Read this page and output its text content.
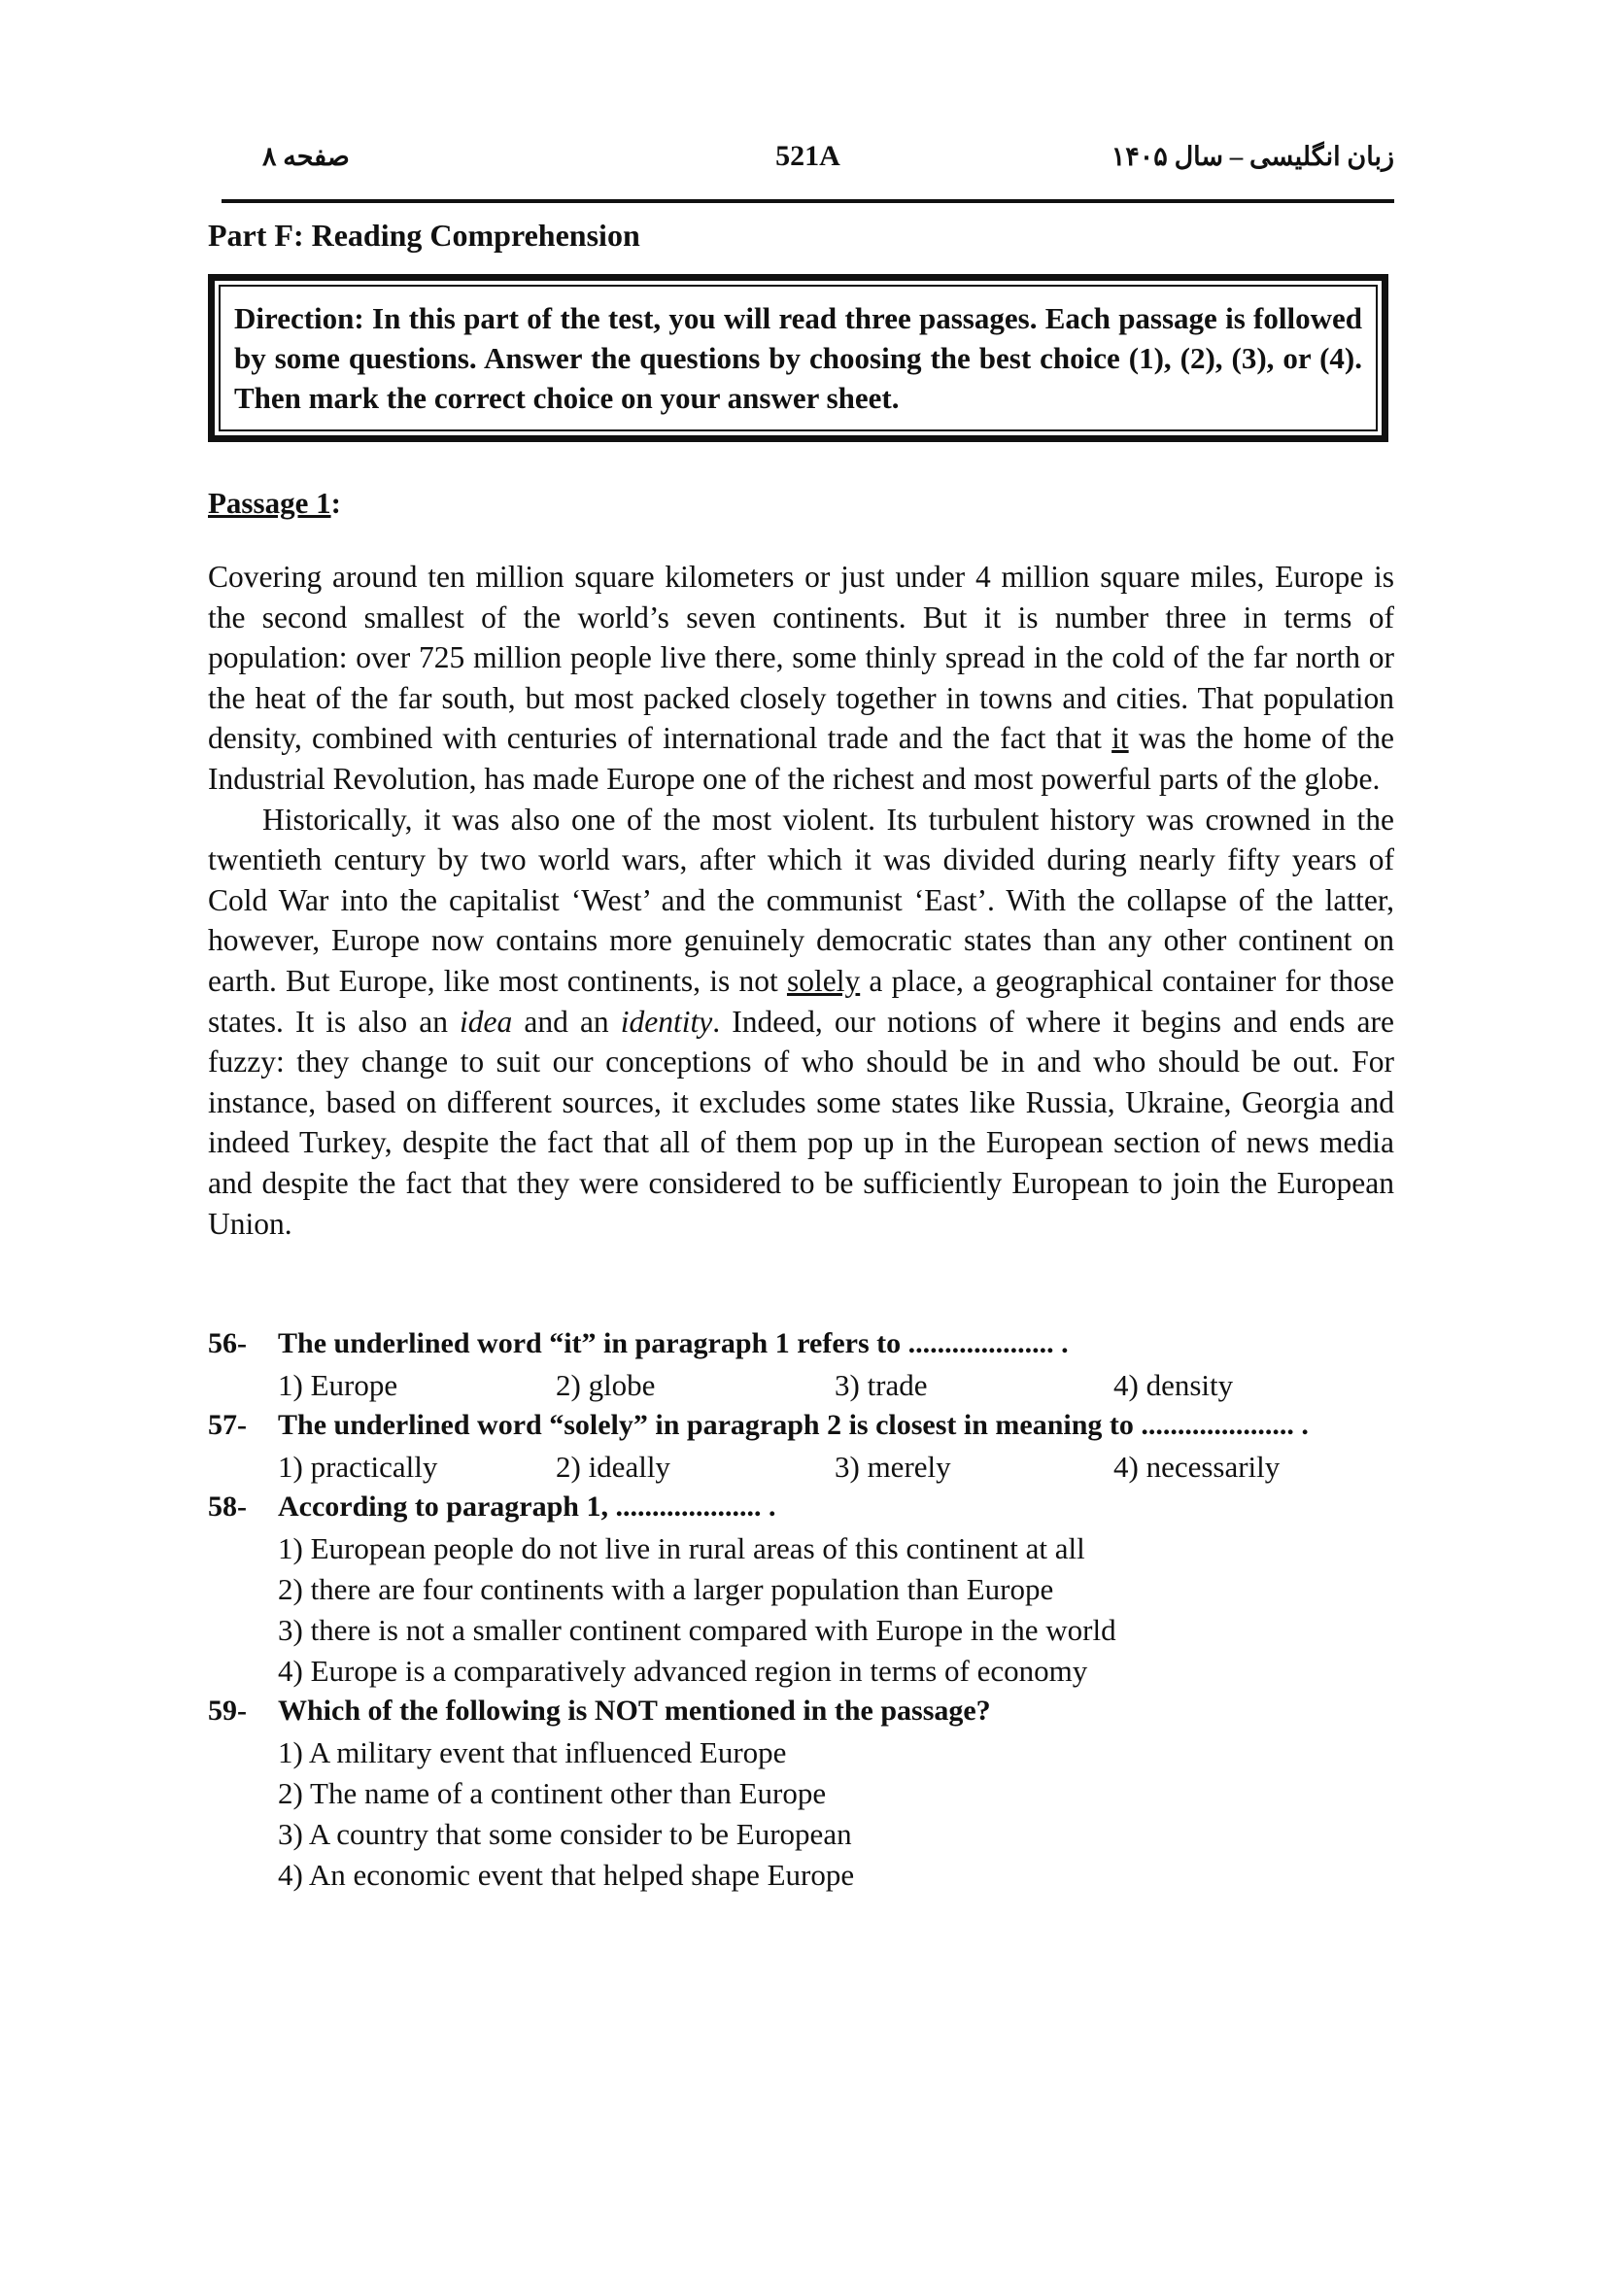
صفحه ۸	521A	زبان انگلیسی – سال ۱۴۰۵
Part F: Reading Comprehension
Direction: In this part of the test, you will read three passages. Each passage is followed by some questions. Answer the questions by choosing the best choice (1), (2), (3), or (4). Then mark the correct choice on your answer sheet.
Passage 1:

Covering around ten million square kilometers or just under 4 million square miles, Europe is the second smallest of the world’s seven continents. But it is number three in terms of population: over 725 million people live there, some thinly spread in the cold of the far north or the heat of the far south, but most packed closely together in towns and cities. That population density, combined with centuries of international trade and the fact that it was the home of the Industrial Revolution, has made Europe one of the richest and most powerful parts of the globe.

Historically, it was also one of the most violent. Its turbulent history was crowned in the twentieth century by two world wars, after which it was divided during nearly fifty years of Cold War into the capitalist ‘West’ and the communist ‘East’. With the collapse of the latter, however, Europe now contains more genuinely democratic states than any other continent on earth. But Europe, like most continents, is not solely a place, a geographical container for those states. It is also an idea and an identity. Indeed, our notions of where it begins and ends are fuzzy: they change to suit our conceptions of who should be in and who should be out. For instance, based on different sources, it excludes some states like Russia, Ukraine, Georgia and indeed Turkey, despite the fact that all of them pop up in the European section of news media and despite the fact that they were considered to be sufficiently European to join the European Union.

56- The underlined word “it” in paragraph 1 refers to .................... .
1) Europe	2) globe	3) trade	4) density
57- The underlined word “solely” in paragraph 2 is closest in meaning to ..................... .
1) practically	2) ideally	3) merely	4) necessarily
58- According to paragraph 1, .................... .
1) European people do not live in rural areas of this continent at all
2) there are four continents with a larger population than Europe
3) there is not a smaller continent compared with Europe in the world
4) Europe is a comparatively advanced region in terms of economy
59- Which of the following is NOT mentioned in the passage?
1) A military event that influenced Europe
2) The name of a continent other than Europe
3) A country that some consider to be European
4) An economic event that helped shape Europe
